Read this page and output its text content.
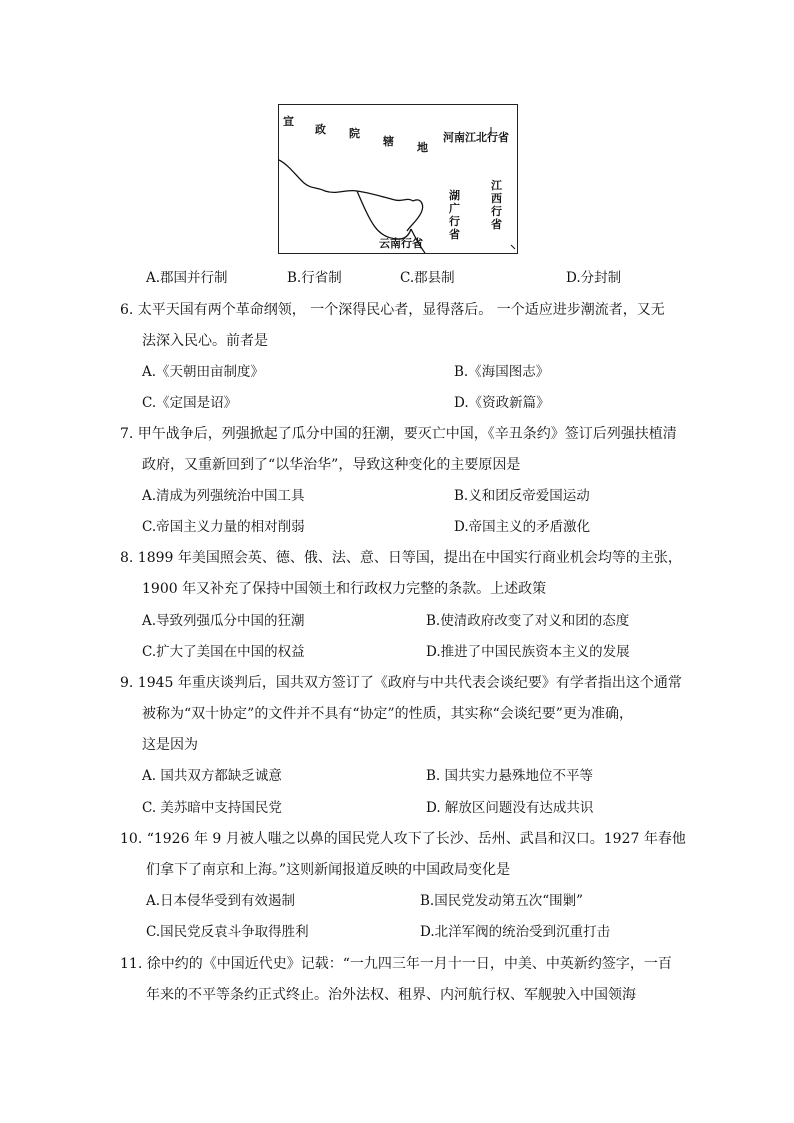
宣
政 院
辖 地
河南江北行省
湖
广
行
省
江
西
行
省
云南行省
A.郡国并行制	B.行省制	C.郡县制	D.分封制
6. 太平天国有两个革命纲领， 一个深得民心者，显得落后。 一个适应进步潮流者，又无
法深入民心。前者是
A.《天朝田亩制度》	B.《海国图志》
C.《定国是诏》	D.《资政新篇》
7. 甲午战争后，列强掀起了瓜分中国的狂潮，要灭亡中国，《辛丑条约》签订后列强扶植清
政府，又重新回到了“以华治华”，导致这种变化的主要原因是
A.清成为列强统治中国工具	B.义和团反帝爱国运动
C.帝国主义力量的相对削弱	D.帝国主义的矛盾激化
8. 1899 年美国照会英、德、俄、法、意、日等国，提出在中国实行商业机会均等的主张，
1900 年又补充了保持中国领土和行政权力完整的条款。上述政策
A.导致列强瓜分中国的狂潮	B.使清政府改变了对义和团的态度
C.扩大了美国在中国的权益	D.推进了中国民族资本主义的发展
9. 1945 年重庆谈判后，国共双方签订了《政府与中共代表会谈纪要》有学者指出这个通常
被称为“双十协定”的文件并不具有“协定”的性质，其实称“会谈纪要”更为准确，
这是因为
A. 国共双方都缺乏诚意	B. 国共实力悬殊地位不平等
C. 美苏暗中支持国民党	D. 解放区问题没有达成共识
10. “1926 年 9 月被人嗤之以鼻的国民党人攻下了长沙、岳州、武昌和汉口。1927 年春他
们拿下了南京和上海。”这则新闻报道反映的中国政局变化是
A.日本侵华受到有效遏制	B.国民党发动第五次“围剿”
C.国民党反袁斗争取得胜利	D.北洋军阀的统治受到沉重打击
11. 徐中约的《中国近代史》记载：“一九四三年一月十一日，中美、中英新约签字，一百
年来的不平等条约正式终止。治外法权、租界、内河航行权、军舰驶入中国领海
